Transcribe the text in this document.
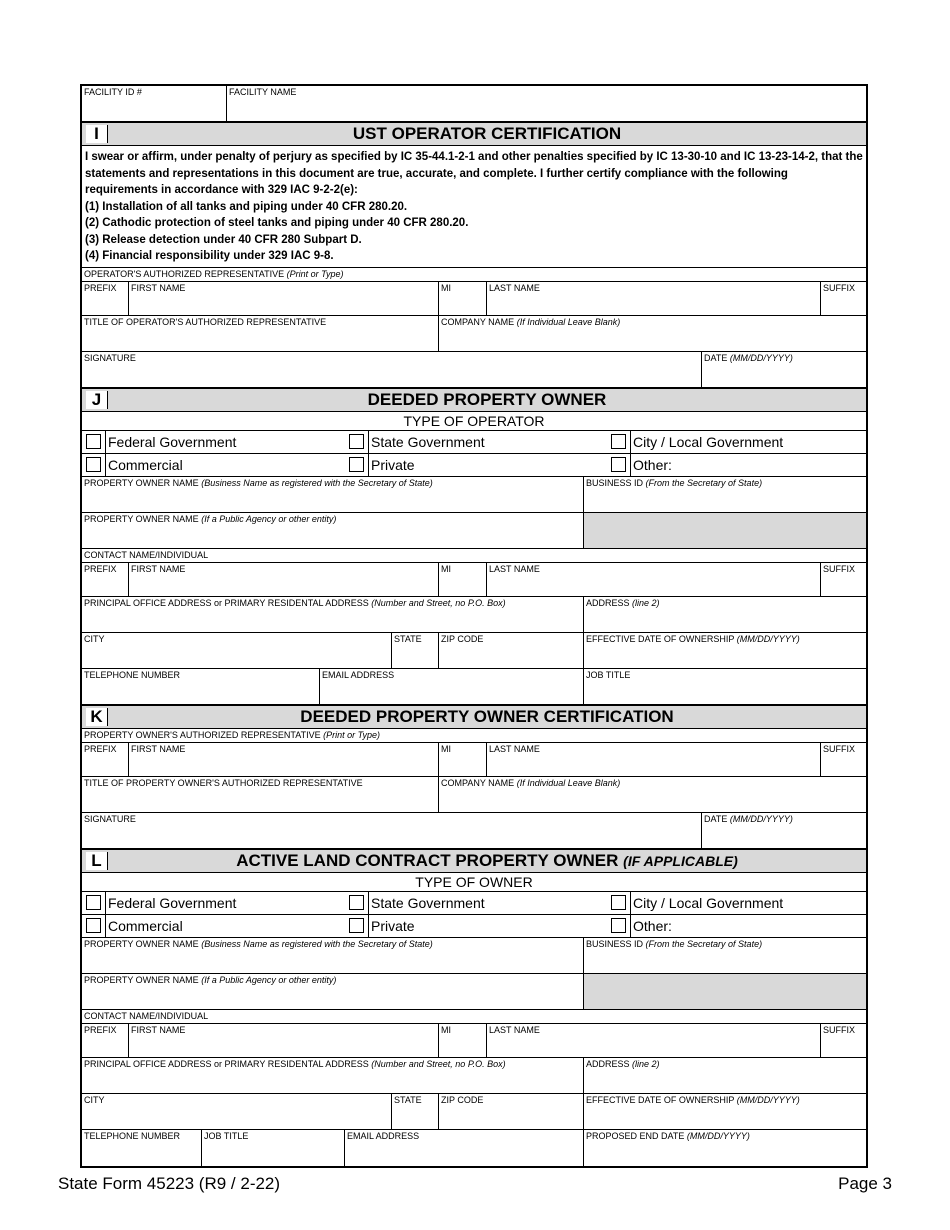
FACILITY ID #	FACILITY NAME
I	UST OPERATOR CERTIFICATION
I swear or affirm, under penalty of perjury as specified by IC 35-44.1-2-1 and other penalties specified by IC 13-30-10 and IC 13-23-14-2, that the statements and representations in this document are true, accurate, and complete. I further certify compliance with the following requirements in accordance with 329 IAC 9-2-2(e):
(1) Installation of all tanks and piping under 40 CFR 280.20.
(2) Cathodic protection of steel tanks and piping under 40 CFR 280.20.
(3) Release detection under 40 CFR 280 Subpart D.
(4) Financial responsibility under 329 IAC 9-8.
OPERATOR'S AUTHORIZED REPRESENTATIVE (Print or Type)
PREFIX	FIRST NAME	MI	LAST NAME	SUFFIX
TITLE OF OPERATOR'S AUTHORIZED REPRESENTATIVE	COMPANY NAME (If Individual Leave Blank)
SIGNATURE	DATE (MM/DD/YYYY)
J	DEEDED PROPERTY OWNER
TYPE OF OPERATOR
Federal Government	State Government	City / Local Government
Commercial	Private	Other:
PROPERTY OWNER NAME (Business Name as registered with the Secretary of State)	BUSINESS ID (From the Secretary of State)
PROPERTY OWNER NAME (If a Public Agency or other entity)
CONTACT NAME/INDIVIDUAL
PREFIX	FIRST NAME	MI	LAST NAME	SUFFIX
PRINCIPAL OFFICE ADDRESS or PRIMARY RESIDENTAL ADDRESS (Number and Street, no P.O. Box)	ADDRESS (line 2)
CITY	STATE	ZIP CODE	EFFECTIVE DATE OF OWNERSHIP (MM/DD/YYYY)
TELEPHONE NUMBER	EMAIL ADDRESS	JOB TITLE
K	DEEDED PROPERTY OWNER CERTIFICATION
PROPERTY OWNER'S AUTHORIZED REPRESENTATIVE (Print or Type)
PREFIX	FIRST NAME	MI	LAST NAME	SUFFIX
TITLE OF PROPERTY OWNER'S AUTHORIZED REPRESENTATIVE	COMPANY NAME (If Individual Leave Blank)
SIGNATURE	DATE (MM/DD/YYYY)
L	ACTIVE LAND CONTRACT PROPERTY OWNER (IF APPLICABLE)
TYPE OF OWNER
Federal Government	State Government	City / Local Government
Commercial	Private	Other:
PROPERTY OWNER NAME (Business Name as registered with the Secretary of State)	BUSINESS ID (From the Secretary of State)
PROPERTY OWNER NAME (If a Public Agency or other entity)
CONTACT NAME/INDIVIDUAL
PREFIX	FIRST NAME	MI	LAST NAME	SUFFIX
PRINCIPAL OFFICE ADDRESS or PRIMARY RESIDENTAL ADDRESS (Number and Street, no P.O. Box)	ADDRESS (line 2)
CITY	STATE	ZIP CODE	EFFECTIVE DATE OF OWNERSHIP (MM/DD/YYYY)
TELEPHONE NUMBER	JOB TITLE	EMAIL ADDRESS	PROPOSED END DATE (MM/DD/YYYY)
State Form 45223 (R9 / 2-22)	Page 3
